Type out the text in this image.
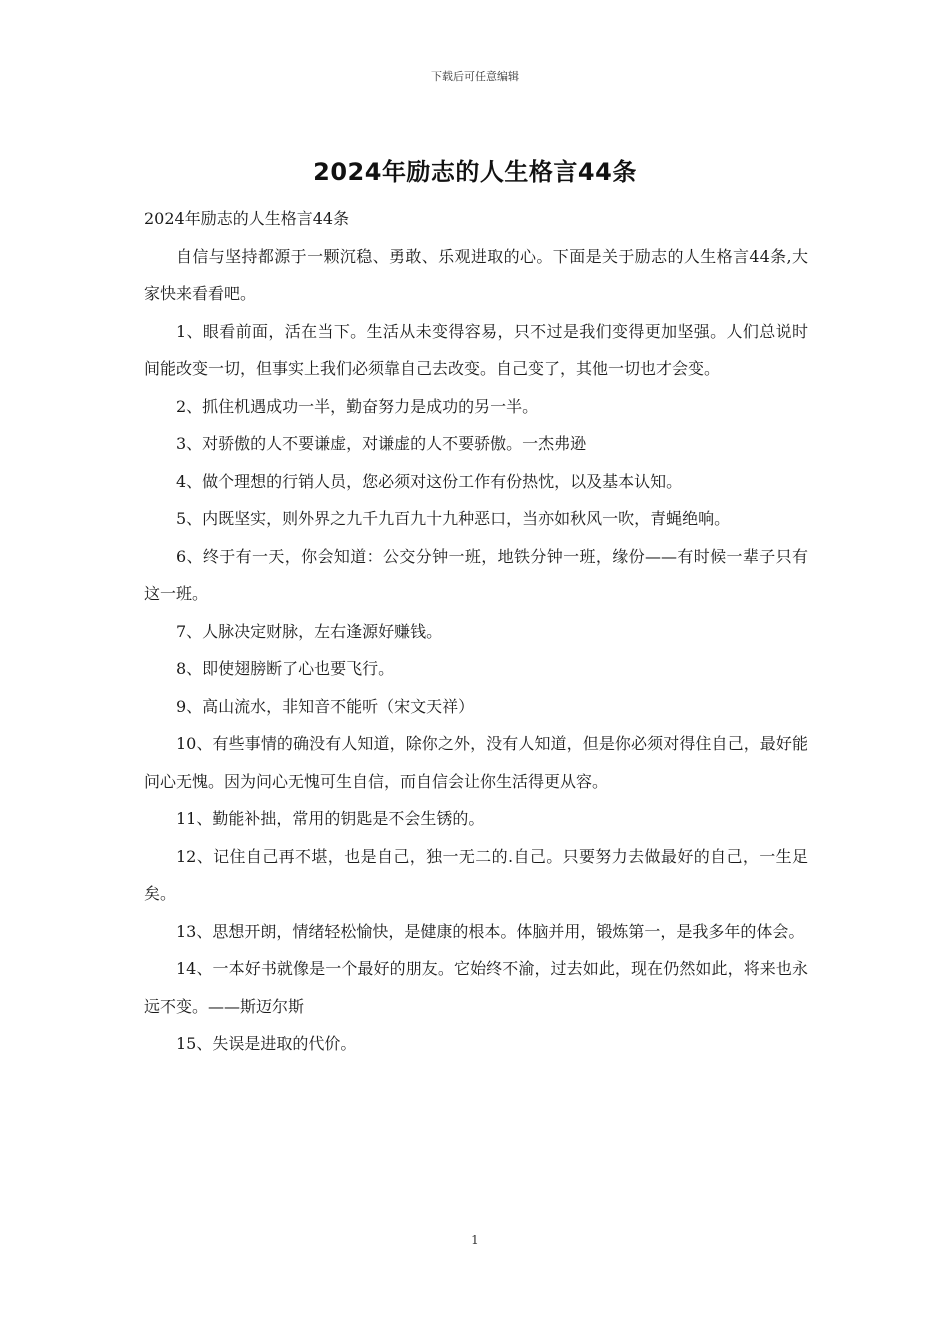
下载后可任意编辑
2024年励志的人生格言44条

2024年励志的人生格言44条

自信与坚持都源于一颗沉稳、勇敢、乐观进取的心。下面是关于励志的人生格言44条,大家快来看看吧。

1、眼看前面，活在当下。生活从未变得容易，只不过是我们变得更加坚强。人们总说时间能改变一切，但事实上我们必须靠自己去改变。自己变了，其他一切也才会变。

2、抓住机遇成功一半，勤奋努力是成功的另一半。

3、对骄傲的人不要谦虚，对谦虚的人不要骄傲。一杰弗逊

4、做个理想的行销人员，您必须对这份工作有份热忱，以及基本认知。

5、内既坚实，则外界之九千九百九十九种恶口，当亦如秋风一吹，青蝇绝响。

6、终于有一天，你会知道：公交分钟一班，地铁分钟一班，缘份——有时候一辈子只有这一班。

7、人脉决定财脉，左右逢源好赚钱。

8、即使翅膀断了心也要飞行。

9、高山流水，非知音不能听（宋文天祥）

10、有些事情的确没有人知道，除你之外，没有人知道，但是你必须对得住自己，最好能问心无愧。因为问心无愧可生自信，而自信会让你生活得更从容。

11、勤能补拙，常用的钥匙是不会生锈的。

12、记住自己再不堪，也是自己，独一无二的.自己。只要努力去做最好的自己，一生足矣。

13、思想开朗，情绪轻松愉快，是健康的根本。体脑并用，锻炼第一，是我多年的体会。

14、一本好书就像是一个最好的朋友。它始终不渝，过去如此，现在仍然如此，将来也永远不变。——斯迈尔斯

15、失误是进取的代价。

1
